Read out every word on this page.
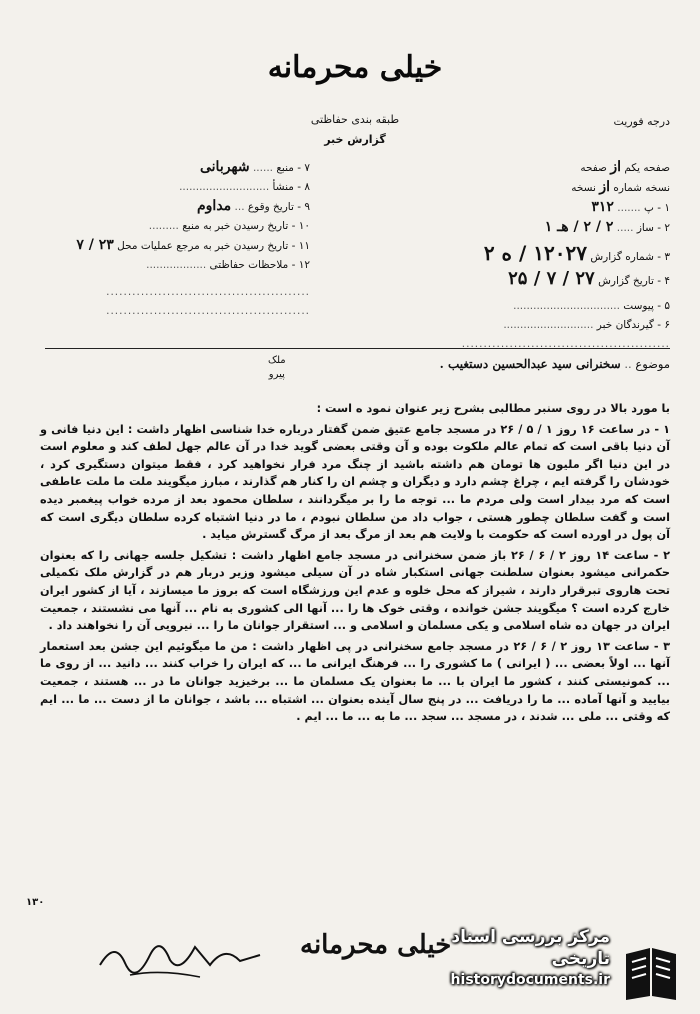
خیلی محرمانه
طبقه بندی حفاظتی
گزارش خبر
درجه فوریت
صفحه یکم از صفحه
نسخه شماره از نسخه
۱ - پ ....... ۳۱۲
۲ - ساز ..... ۲ / ۲ / هـ ۱
۳ - شماره گزارش ۱۲۰۲۷ / ه ۲
۴ - تاریخ گزارش ۲۷ / ۷ / ۲۵
۵ - پیوست ................................
۶ - گیرندگان خبر ...........................
................................................
۷ - منبع ...... شهربانی
۸ - منشأ ...........................
۹ - تاریخ وقوع ... مداوم
۱۰ - تاریخ رسیدن خبر به منبع .........
۱۱ - تاریخ رسیدن خبر به مرجع عملیات محل ۲۳ / ۷
۱۲ - ملاحظات حفاظتی ..................
...............................................
...............................................
موضوع .. سخنرانی سید عبدالحسین دستغیب .
ملک
پیرو

با مورد بالا در روی سنبر مطالبی بشرح زیر عنوان نمود ه است :

۱ - در ساعت ۱۶ روز ۱ / ۵ / ۲۶ در مسجد جامع عتیق ضمن گفتار درباره خدا شناسی اظهار داشت : این دنیا فانی و آن دنیا باقی است که تمام عالم ملکوت بوده و آن وقتی بعضی گوید خدا در آن عالم جهل لطف کند و معلوم است در این دنیا اگر ملیون ها تومان هم داشته باشید از چنگ مرد فرار نخواهید کرد ، فقط میتوان دستگیری کرد ، خودشان را گرفته ایم ، چراغ چشم دارد و دیگران و چشم ان را کنار هم گذارند ، مبارز میگویند ملت ما ملت عاطفی است که مرد بیدار است ولی مردم ما ... توجه ما را بر میگردانند ، سلطان محمود بعد از مرده خواب پیغمبر دیده است و گفت سلطان چطور هستی ، جواب داد من سلطان نبودم ، ما در دنیا اشتباه کرده سلطان دیگری است که آن پول در اورده است که حکومت با ولایت هم بعد از مرگ بعد از مرگ گسترش میاید .

۲ - ساعت ۱۴ روز ۲ / ۶ / ۲۶ باز ضمن سخنرانی در مسجد جامع اظهار داشت : تشکیل جلسه جهانی را که بعنوان حکمرانی میشود بعنوان سلطنت جهانی استکبار شاه در آن سیلی میشود وزیر دربار هم در گزارش ملک تکمیلی تحت هاروی تبرقرار دارند ، شیراز که محل خلوه و عدم این ورزشگاه است که بروز ما میسازند ، آیا از کشور ایران خارج کرده است ؟ میگویند جشن خوانده ، وقتی خوک ها را ... آنها الی کشوری به نام ... آنها می نشستند ، جمعیت ایران در جهان ده شاه اسلامی و یکی مسلمان و اسلامی و ... استقرار جوانان ما را ... نیرویی آن را نخواهند داد .

۳ - ساعت ۱۳ روز ۲ / ۶ / ۲۶ در مسجد جامع سخنرانی در پی اظهار داشت : من ما میگوئیم این جشن بعد استعمار آنها ... اولاً بعضی ... ( ایرانی ) ما کشوری را ... فرهنگ ایرانی ما ... که ایران را خراب کنند ... دانید ... از روی ما ... کمونیستی کنند ، کشور ما ایران با ... ما بعنوان یک مسلمان ما ... برخیزید جوانان ما در ... هستند ، جمعیت بیایید و آنها آماده ... ما را دریافت ... در پنج سال آینده بعنوان ... اشتباه ... باشد ، جوانان ما از دست ... ما ... ایم که وقتی ... ملی ... شدند ، در مسجد ... سجد ... ما به ... ما ... ایم .

۱۳۰
خیلی محرمانه مرکز بررسی اسناد تاریخی
historydocuments.ir
